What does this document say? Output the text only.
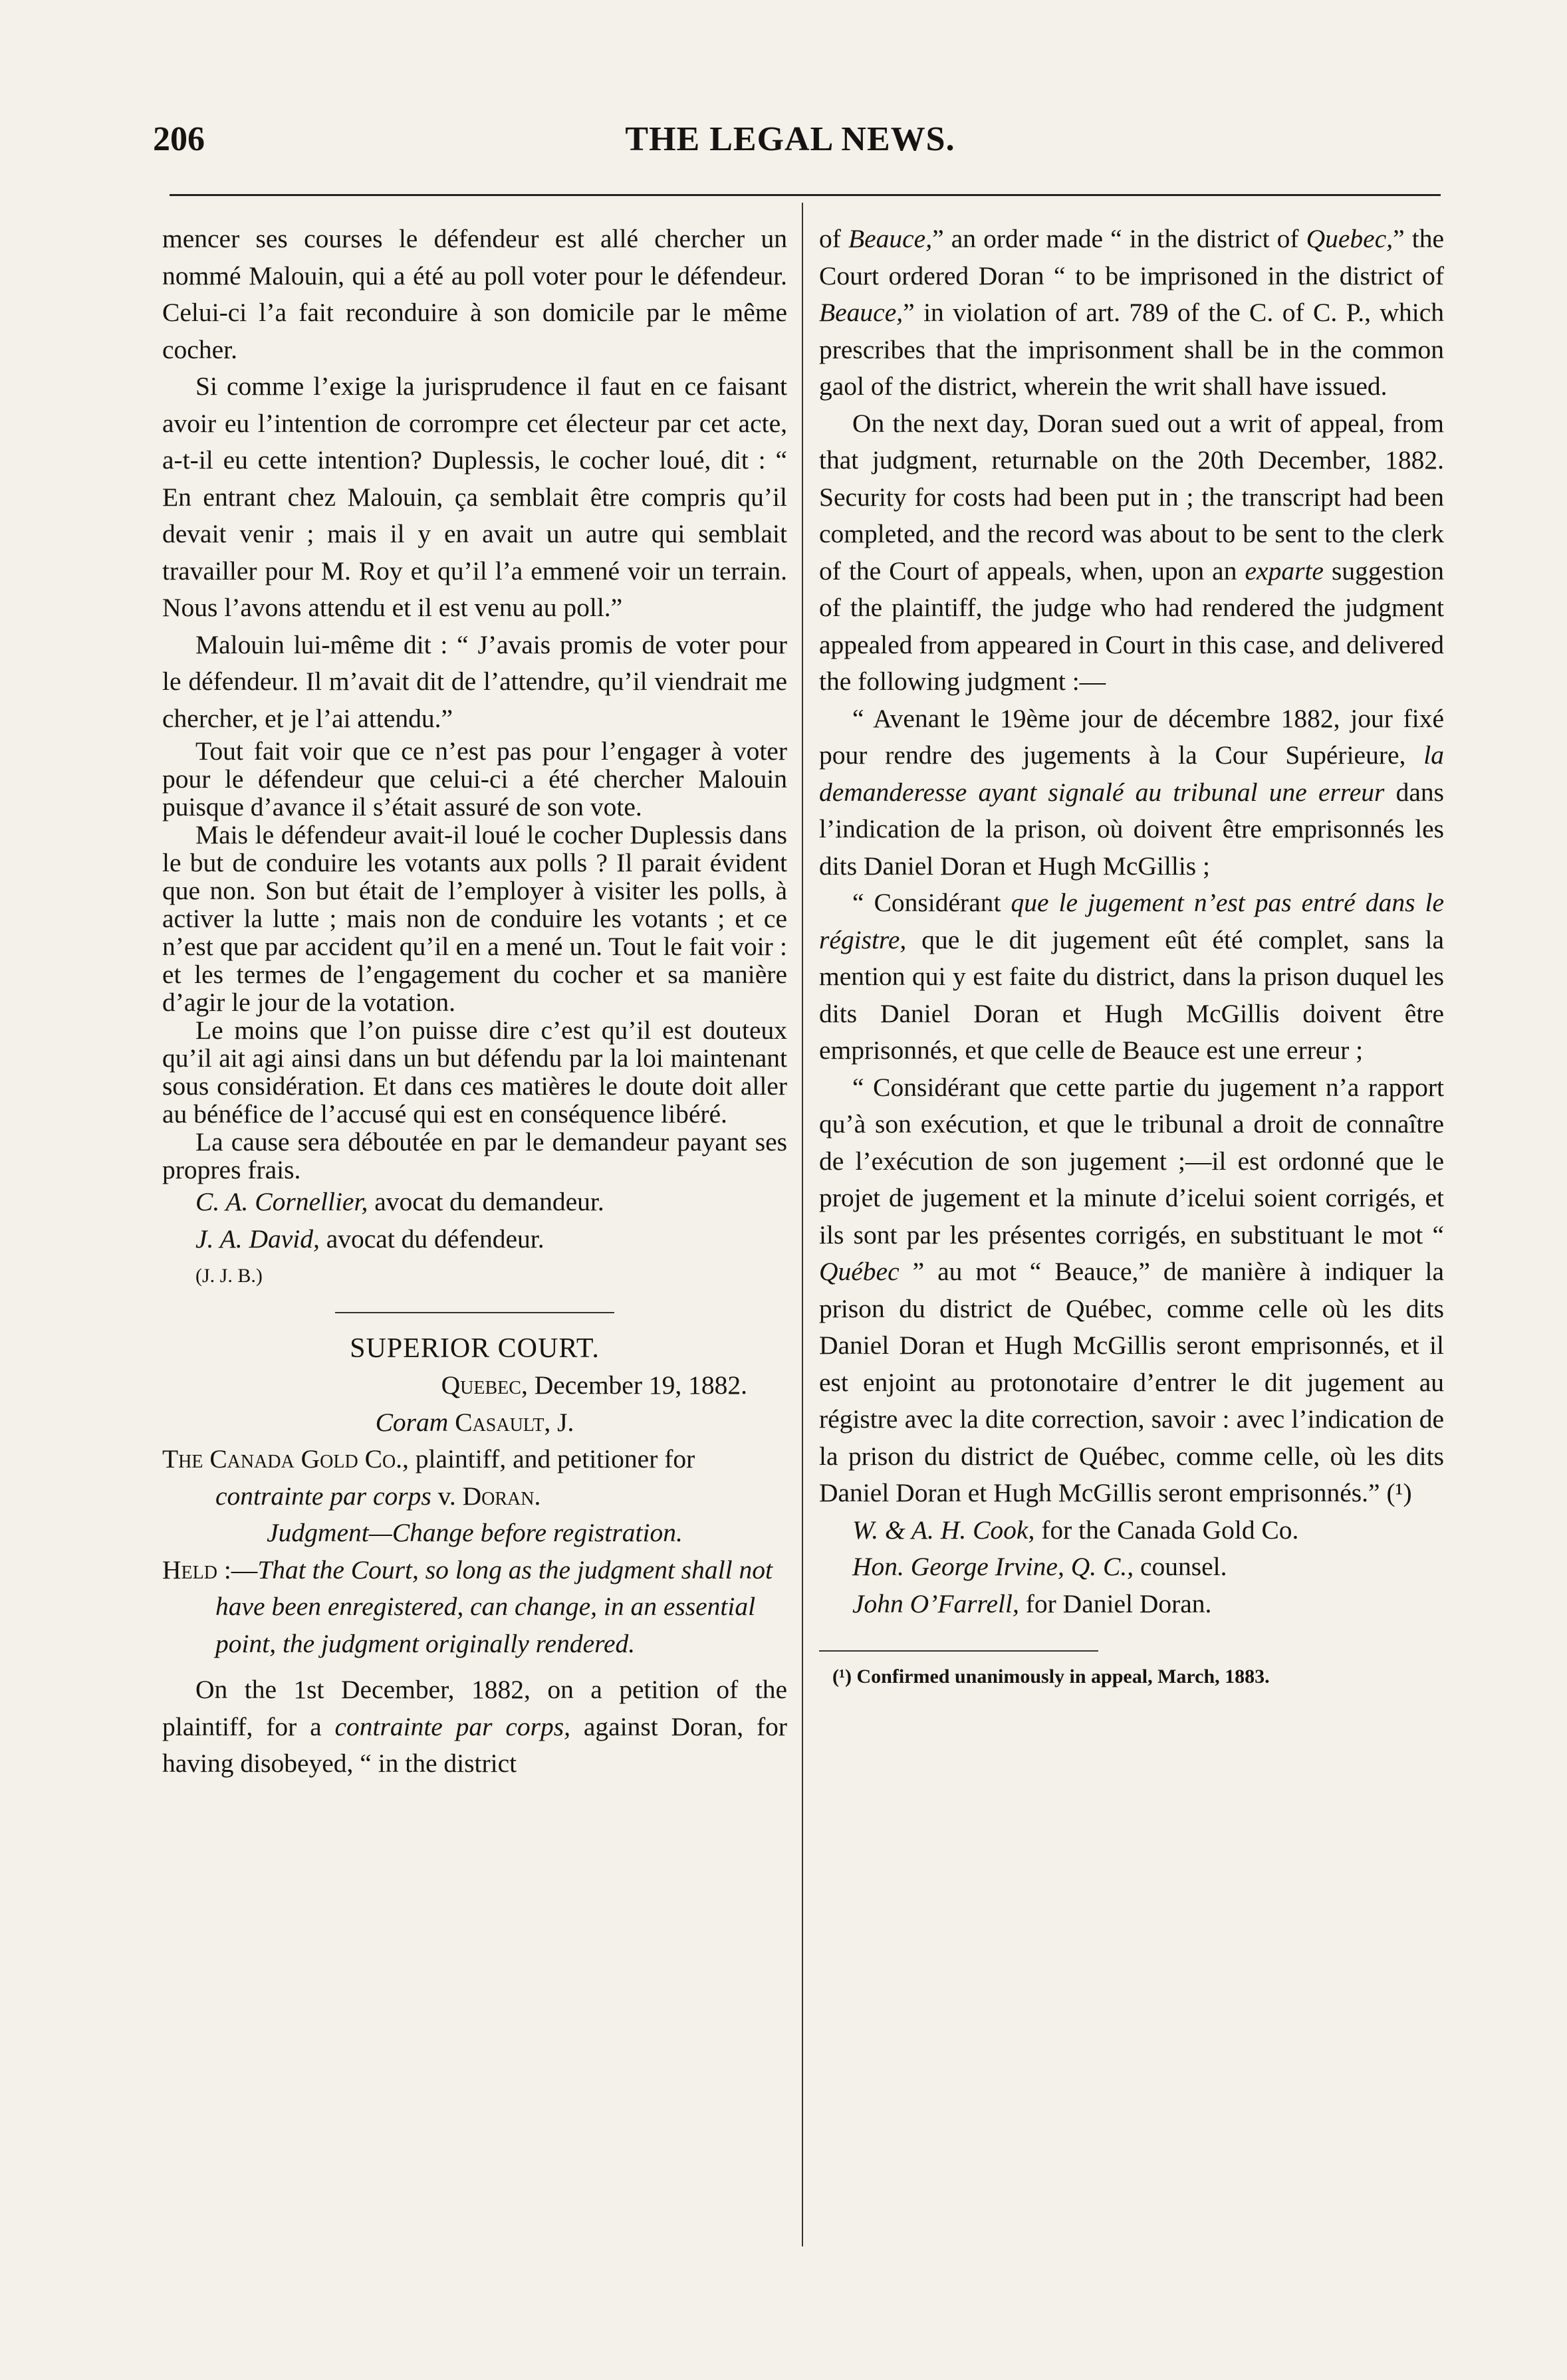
206	THE LEGAL NEWS.

mencer ses courses le défendeur est allé chercher un nommé Malouin, qui a été au poll voter pour le défendeur. Celui-ci l’a fait reconduire à son domicile par le même cocher.

Si comme l’exige la jurisprudence il faut en ce faisant avoir eu l’intention de corrompre cet électeur par cet acte, a-t-il eu cette intention? Duplessis, le cocher loué, dit : “ En entrant chez Malouin, ça semblait être compris qu’il devait venir ; mais il y en avait un autre qui semblait travailler pour M. Roy et qu’il l’a emmené voir un terrain. Nous l’avons attendu et il est venu au poll.”

Malouin lui-même dit : “ J’avais promis de voter pour le défendeur. Il m’avait dit de l’attendre, qu’il viendrait me chercher, et je l’ai attendu.”

Tout fait voir que ce n’est pas pour l’engager à voter pour le défendeur que celui-ci a été chercher Malouin puisque d’avance il s’était assuré de son vote.

Mais le défendeur avait-il loué le cocher Duplessis dans le but de conduire les votants aux polls ? Il parait évident que non. Son but était de l’employer à visiter les polls, à activer la lutte ; mais non de conduire les votants ; et ce n’est que par accident qu’il en a mené un. Tout le fait voir : et les termes de l’engagement du cocher et sa manière d’agir le jour de la votation.

Le moins que l’on puisse dire c’est qu’il est douteux qu’il ait agi ainsi dans un but défendu par la loi maintenant sous considération. Et dans ces matières le doute doit aller au bénéfice de l’accusé qui est en conséquence libéré.

La cause sera déboutée en par le demandeur payant ses propres frais.

C. A. Cornellier, avocat du demandeur.

J. A. David, avocat du défendeur.

(J. J. B.)

SUPERIOR COURT.

Quebec, December 19, 1882.

Coram Casault, J.

The Canada Gold Co., plaintiff, and petitioner for contrainte par corps v. Doran.

Judgment—Change before registration.

Held :—That the Court, so long as the judgment shall not have been enregistered, can change, in an essential point, the judgment originally rendered.

On the 1st December, 1882, on a petition of the plaintiff, for a contrainte par corps, against Doran, for having disobeyed, “ in the district

of Beauce,” an order made “ in the district of Quebec,” the Court ordered Doran “ to be imprisoned in the district of Beauce,” in violation of art. 789 of the C. of C. P., which prescribes that the imprisonment shall be in the common gaol of the district, wherein the writ shall have issued.

On the next day, Doran sued out a writ of appeal, from that judgment, returnable on the 20th December, 1882. Security for costs had been put in ; the transcript had been completed, and the record was about to be sent to the clerk of the Court of appeals, when, upon an exparte suggestion of the plaintiff, the judge who had rendered the judgment appealed from appeared in Court in this case, and delivered the following judgment :—

“ Avenant le 19ème jour de décembre 1882, jour fixé pour rendre des jugements à la Cour Supérieure, la demanderesse ayant signalé au tribunal une erreur dans l’indication de la prison, où doivent être emprisonnés les dits Daniel Doran et Hugh McGillis ;

“ Considérant que le jugement n’est pas entré dans le régistre, que le dit jugement eût été complet, sans la mention qui y est faite du district, dans la prison duquel les dits Daniel Doran et Hugh McGillis doivent être emprisonnés, et que celle de Beauce est une erreur ;

“ Considérant que cette partie du jugement n’a rapport qu’à son exécution, et que le tribunal a droit de connaître de l’exécution de son jugement ;—il est ordonné que le projet de jugement et la minute d’icelui soient corrigés, et ils sont par les présentes corrigés, en substituant le mot “ Québec ” au mot “ Beauce,” de manière à indiquer la prison du district de Québec, comme celle où les dits Daniel Doran et Hugh McGillis seront emprisonnés, et il est enjoint au protonotaire d’entrer le dit jugement au régistre avec la dite correction, savoir : avec l’indication de la prison du district de Québec, comme celle, où les dits Daniel Doran et Hugh McGillis seront emprisonnés.” (¹)

W. & A. H. Cook, for the Canada Gold Co.

Hon. George Irvine, Q. C., counsel.

John O’Farrell, for Daniel Doran.

(¹) Confirmed unanimously in appeal, March, 1883.
